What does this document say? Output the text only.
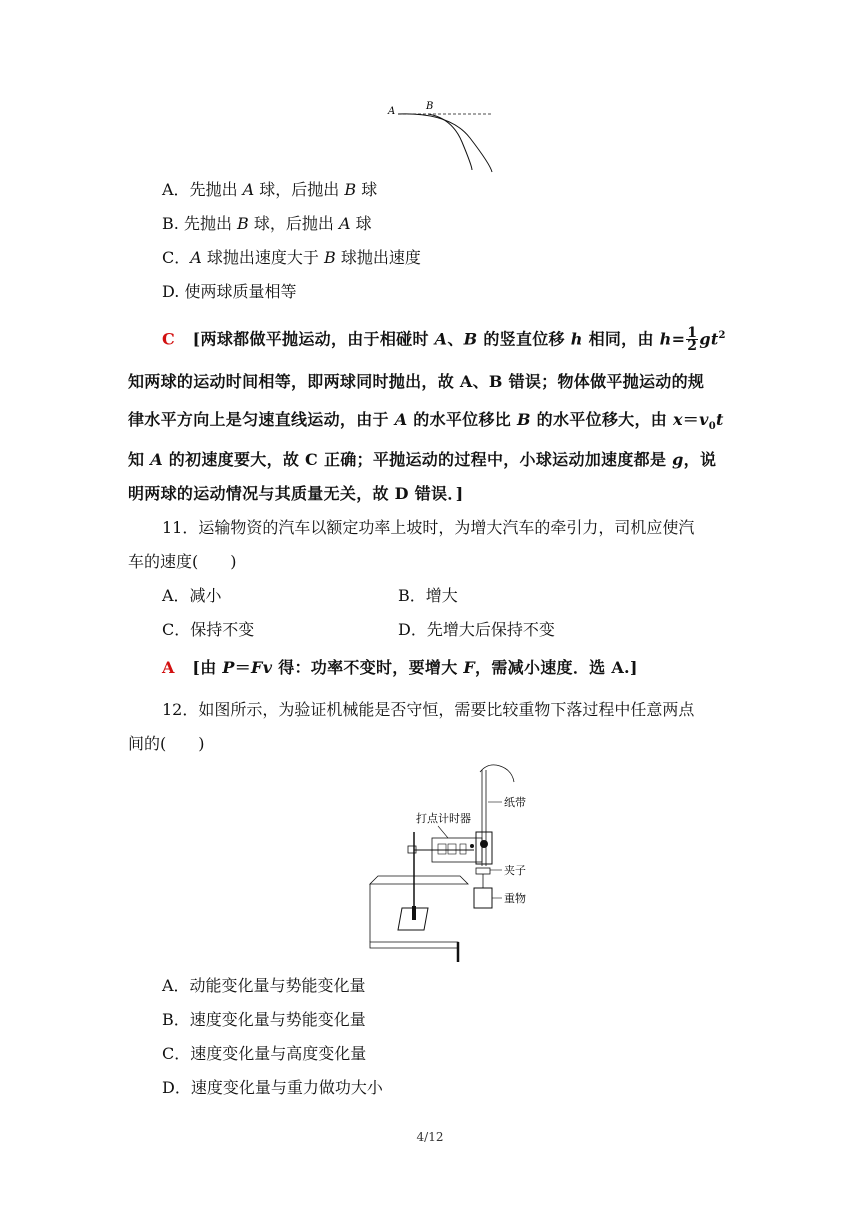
A	B
A．先抛出 A 球，后抛出 B 球
B. 先抛出 B 球，后抛出 A 球
C．A 球抛出速度大于 B 球抛出速度
D. 使两球质量相等
C [两球都做平抛运动，由于相碰时 A、B 的竖直位移 h 相同，由 $h= \frac{1}{2} gt^2$
知两球的运动时间相等，即两球同时抛出，故 A、B 错误；物体做平抛运动的规
律水平方向上是匀速直线运动，由于 A 的水平位移比 B 的水平位移大，由 $x=v_0t$
知 A 的初速度要大，故 C 正确；平抛运动的过程中，小球运动加速度都是 g，说
明两球的运动情况与其质量无关，故 D 错误．]
11．运输物资的汽车以额定功率上坡时，为增大汽车的牵引力，司机应使汽
车的速度(　　)
A．减小	B．增大
C．保持不变	D．先增大后保持不变
A [由 P＝Fv 得：功率不变时，要增大 F，需减小速度．选 A.]
12．如图所示，为验证机械能是否守恒，需要比较重物下落过程中任意两点
间的(　　)
打点计时器
纸带
夹子
重物
A．动能变化量与势能变化量
B．速度变化量与势能变化量
C．速度变化量与高度变化量
D．速度变化量与重力做功大小
4/12
